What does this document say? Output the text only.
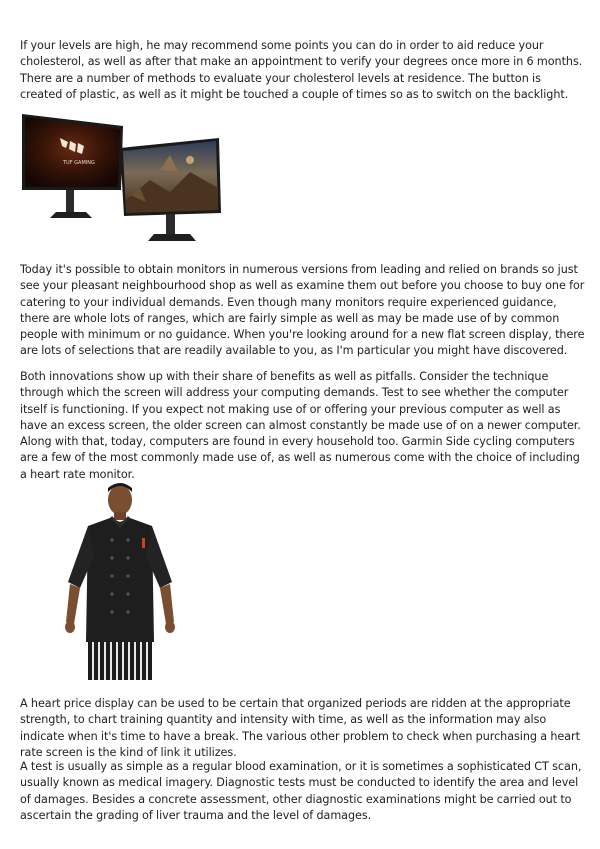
If your levels are high, he may recommend some points you can do in order to aid reduce your cholesterol, as well as after that make an appointment to verify your degrees once more in 6 months. There are a number of methods to evaluate your cholesterol levels at residence. The button is created of plastic, as well as it might be touched a couple of times so as to switch on the backlight.

TUF GAMING

Today it's possible to obtain monitors in numerous versions from leading and relied on brands so just see your pleasant neighbourhood shop as well as examine them out before you choose to buy one for catering to your individual demands. Even though many monitors require experienced guidance, there are whole lots of ranges, which are fairly simple as well as may be made use of by common people with minimum or no guidance. When you're looking around for a new flat screen display, there are lots of selections that are readily available to you, as I'm particular you might have discovered.

Both innovations show up with their share of benefits as well as pitfalls. Consider the technique through which the screen will address your computing demands. Test to see whether the computer itself is functioning. If you expect not making use of or offering your previous computer as well as have an excess screen, the older screen can almost constantly be made use of on a newer computer. Along with that, today, computers are found in every household too. Garmin Side cycling computers are a few of the most commonly made use of, as well as numerous come with the choice of including a heart rate monitor.

A heart price display can be used to be certain that organized periods are ridden at the appropriate strength, to chart training quantity and intensity with time, as well as the information may also indicate when it's time to have a break. The various other problem to check when purchasing a heart rate screen is the kind of link it utilizes.

A test is usually as simple as a regular blood examination, or it is sometimes a sophisticated CT scan, usually known as medical imagery. Diagnostic tests must be conducted to identify the area and level of damages. Besides a concrete assessment, other diagnostic examinations might be carried out to ascertain the grading of liver trauma and the level of damages.
